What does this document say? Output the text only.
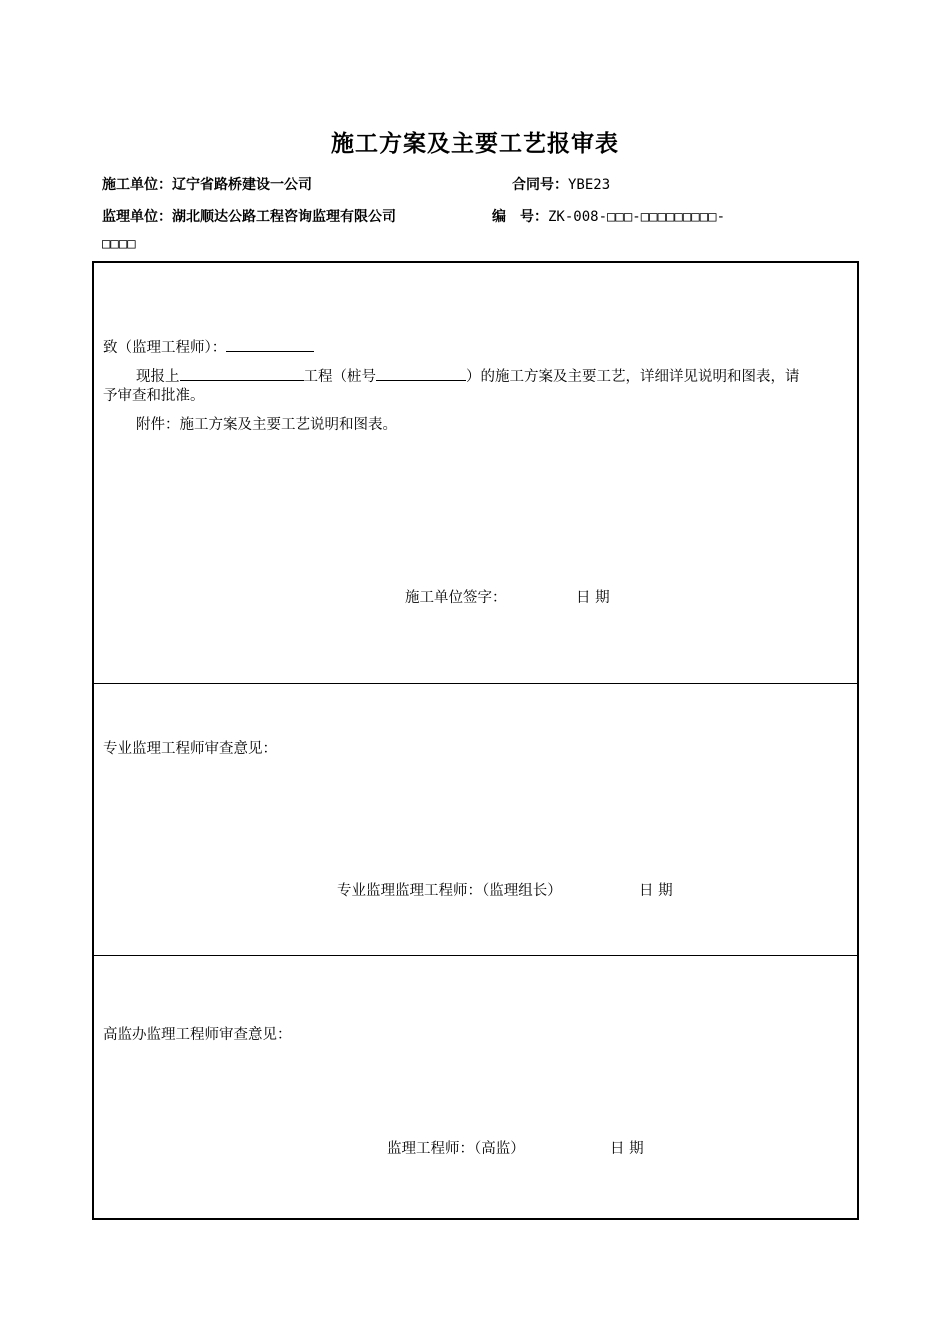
施工方案及主要工艺报审表
施工单位：辽宁省路桥建设一公司	合同号：YBE23
监理单位：湖北顺达公路工程咨询监理有限公司	编　号：ZK-008-□□□-□□□□□□□□□-
□□□□
致（监理工程师）：
现报上	工程（桩号	）的施工方案及主要工艺，详细详见说明和图表，请
予审查和批准。
附件：施工方案及主要工艺说明和图表。
施工单位签字：	日 期
专业监理工程师审查意见：
专业监理监理工程师：（监理组长）	日 期
高监办监理工程师审查意见：
监理工程师：（高监）	日 期
